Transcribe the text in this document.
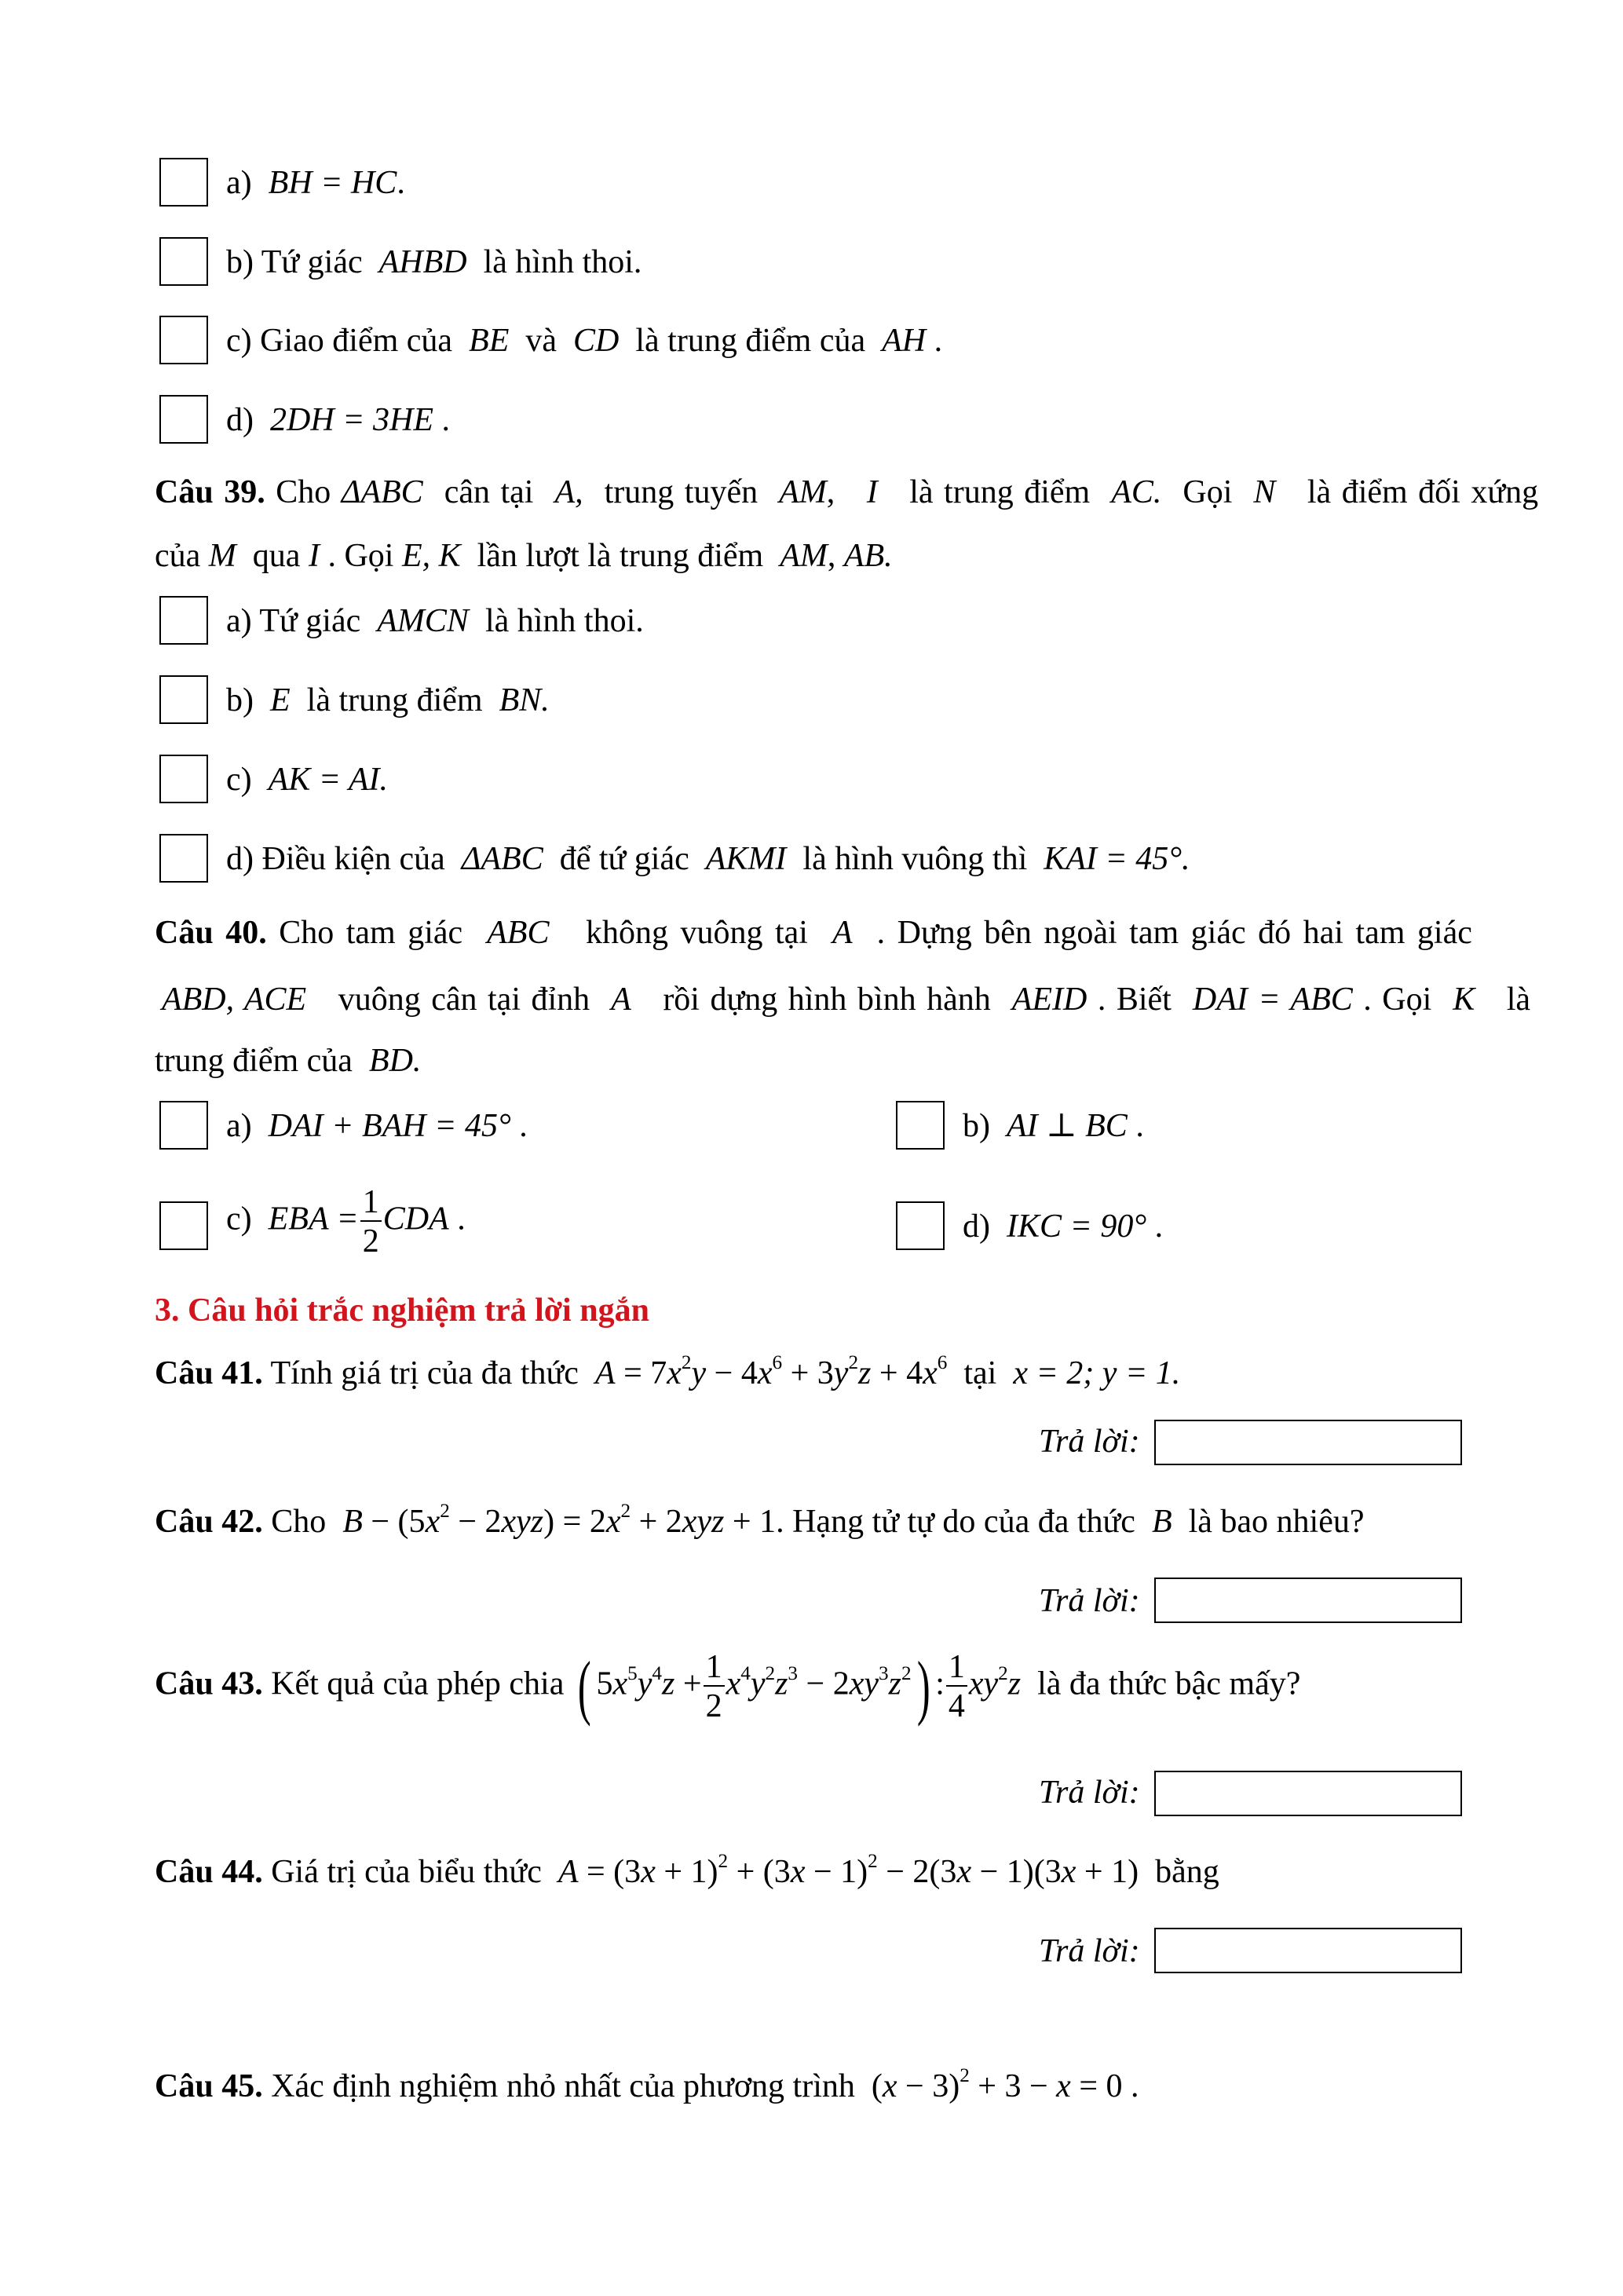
a) BH = HC.
b) Tứ giác AHBD là hình thoi.
c) Giao điểm của BE và CD là trung điểm của AH .
d) 2DH = 3HE .
Câu 39. Cho ΔABC cân tại A, trung tuyến AM, I là trung điểm AC. Gọi N là điểm đối xứng
của M qua I . Gọi E, K lần lượt là trung điểm AM, AB.
a) Tứ giác AMCN là hình thoi.
b) E là trung điểm BN.
c) AK = AI.
d) Điều kiện của ΔABC để tứ giác AKMI là hình vuông thì KAI = 45°.
Câu 40. Cho tam giác ABC không vuông tại A . Dựng bên ngoài tam giác đó hai tam giác
ABD, ACE vuông cân tại đỉnh A rồi dựng hình bình hành AEID . Biết DAI = ABC . Gọi K là
trung điểm của BD.
a) DAI + BAH = 45° .	b) AI ⊥ BC .
c) EBA = $\frac{1}{2}$ CDA .	d) IKC = 90° .
3. Câu hỏi trắc nghiệm trả lời ngắn
Câu 41. Tính giá trị của đa thức $A = 7x^2y - 4x^6 + 3y^2z + 4x^6$ tại x = 2; y = 1.
Trả lời:
Câu 42. Cho $B - (5x^2 - 2xyz) = 2x^2 + 2xyz + 1$. Hạng tử tự do của đa thức B là bao nhiêu?
Trả lời:
Câu 43. Kết quả của phép chia ( $5x^5y^4z + \frac{1}{2} x^4y^2z^3 - 2xy^3z^2$) : $\frac{1}{4} xy^2z$ là đa thức bậc mấy?
Trả lời:
Câu 44. Giá trị của biểu thức $A = (3x + 1)^2 + (3x - 1)^2 - 2(3x - 1)(3x + 1)$  bằng
Trả lời:
Câu 45. Xác định nghiệm nhỏ nhất của phương trình  $(x - 3)^2 + 3 - x = 0$ .
